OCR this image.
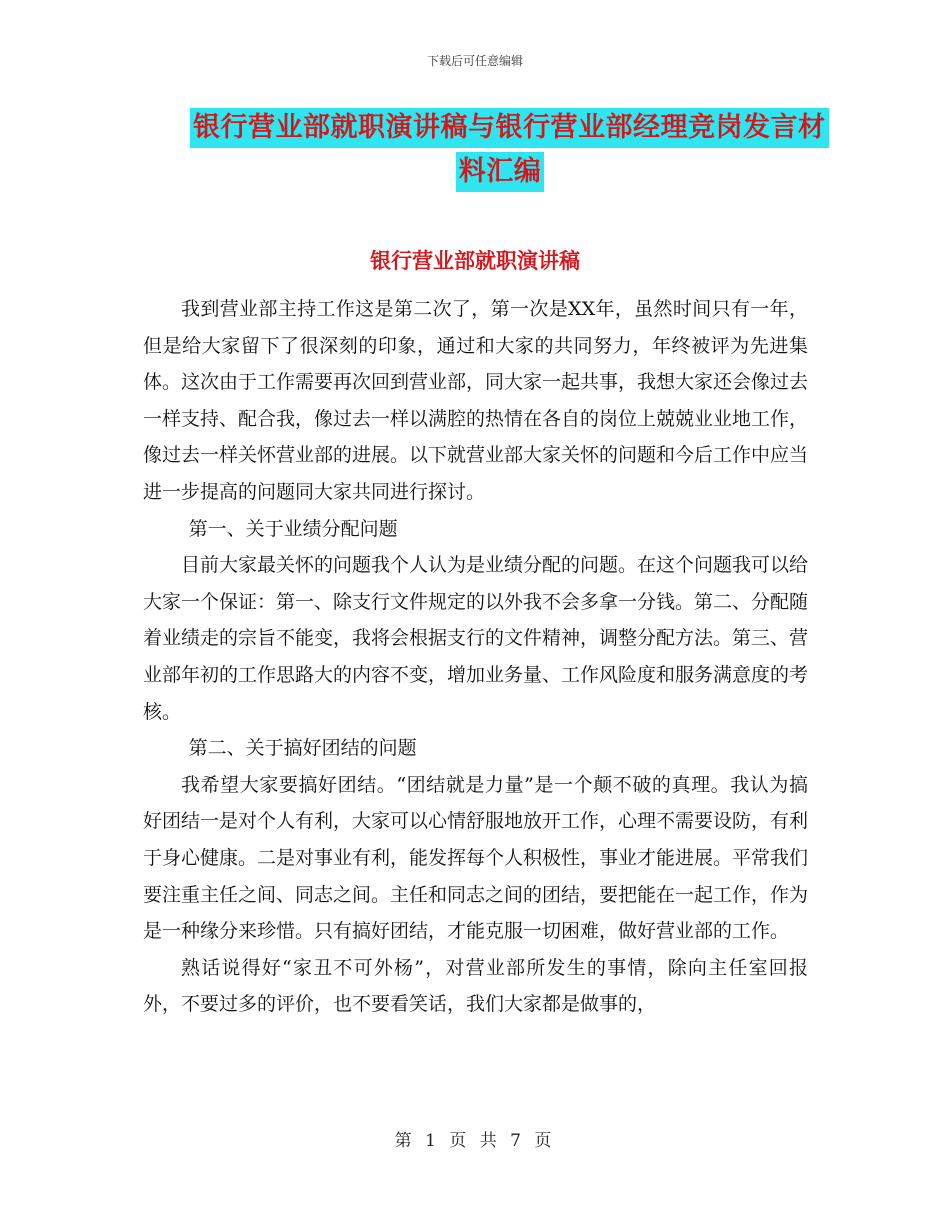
下载后可任意编辑
银行营业部就职演讲稿与银行营业部经理竞岗发言材
料汇编
银行营业部就职演讲稿

我到营业部主持工作这是第二次了，第一次是XX年，虽然时间只有一年，但是给大家留下了很深刻的印象，通过和大家的共同努力，年终被评为先进集体。这次由于工作需要再次回到营业部，同大家一起共事，我想大家还会像过去一样支持、配合我，像过去一样以满腔的热情在各自的岗位上兢兢业业地工作，像过去一样关怀营业部的进展。以下就营业部大家关怀的问题和今后工作中应当进一步提高的问题同大家共同进行探讨。

第一、关于业绩分配问题

目前大家最关怀的问题我个人认为是业绩分配的问题。在这个问题我可以给大家一个保证：第一、除支行文件规定的以外我不会多拿一分钱。第二、分配随着业绩走的宗旨不能变，我将会根据支行的文件精神，调整分配方法。第三、营业部年初的工作思路大的内容不变，增加业务量、工作风险度和服务满意度的考核。

第二、关于搞好团结的问题

我希望大家要搞好团结。“团结就是力量”是一个颠不破的真理。我认为搞好团结一是对个人有利，大家可以心情舒服地放开工作，心理不需要设防，有利于身心健康。二是对事业有利，能发挥每个人积极性，事业才能进展。平常我们要注重主任之间、同志之间。主任和同志之间的团结，要把能在一起工作，作为是一种缘分来珍惜。只有搞好团结，才能克服一切困难，做好营业部的工作。

熟话说得好“家丑不可外杨”，对营业部所发生的事情，除向主任室回报外，不要过多的评价，也不要看笑话，我们大家都是做事的，

第 1 页 共 7 页
